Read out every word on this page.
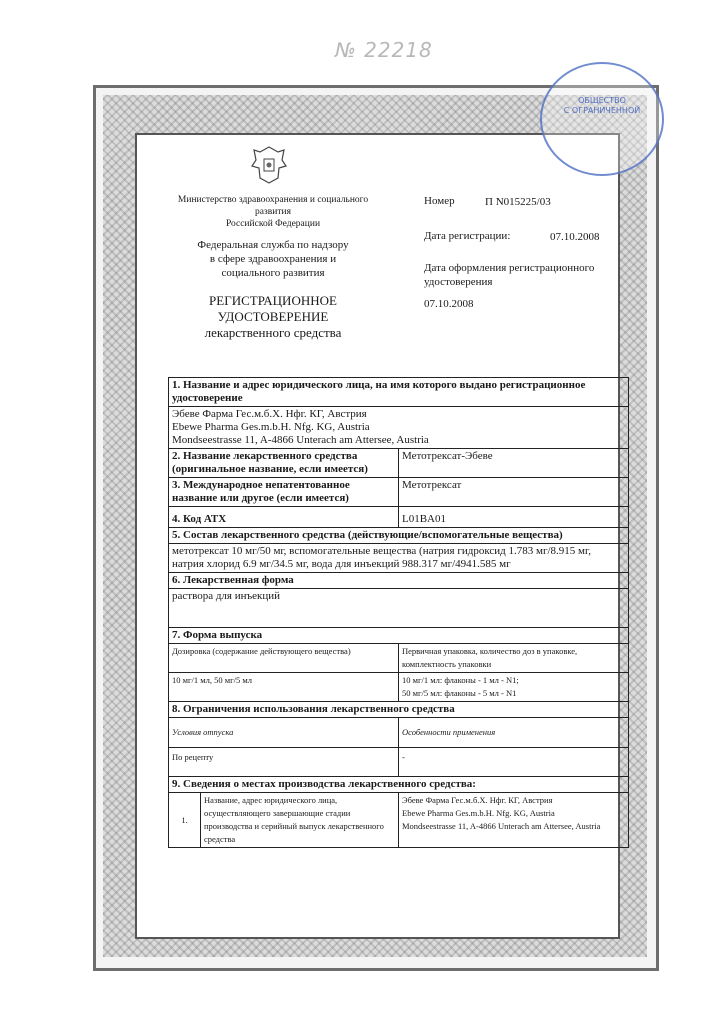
№ 22218
ОБЩЕСТВО
С ОГРАНИЧЕННОЙ
Министерство здравоохранения и социального
развития
Российской Федерации
Федеральная служба по надзору
в сфере здравоохранения и
социального развития
РЕГИСТРАЦИОННОЕ
УДОСТОВЕРЕНИЕ
лекарственного средства
Номер	П N015225/03
Дата регистрации:	07.10.2008
Дата оформления регистрационного
удостоверения
07.10.2008
1. Название и адрес юридического лица, на имя которого выдано регистрационное удостоверение		

Эбеве Фарма Гес.м.б.Х. Нфг. КГ, Австрия
Ebewe Pharma Ges.m.b.H. Nfg. KG, Austria
Mondseestrasse 11, A-4866 Unterach am Attersee, Austria		

2. Название лекарственного средства (оригинальное название, если имеется)		Метотрексат-Эбеве
3. Международное непатентованное название или другое (если имеется)		Метотрексат
4. Код АТХ		L01BA01
5. Состав лекарственного средства (действующие/вспомогательные вещества)		
метотрексат 10 мг/50 мг, вспомогательные вещества (натрия гидроксид 1.783 мг/8.915 мг, натрия хлорид 6.9 мг/34.5 мг, вода для инъекций 988.317 мг/4941.585 мг		
6. Лекарственная форма		
раствора для инъекций		
7. Форма выпуска		
Дозировка (содержание действующего вещества)		Первичная упаковка, количество доз в упаковке, комплектность упаковки
10 мг/1 мл, 50 мг/5 мл		10 мг/1 мл: флаконы - 1 мл - N1;
50 мг/5 мл: флаконы - 5 мл - N1

8. Ограничения использования лекарственного средства		
Условия отпуска		Особенности применения
По рецепту		-
9. Сведения о местах производства лекарственного средства:		
1.	Название, адрес юридического лица, осуществляющего завершающие стадии производства и серийный выпуск лекарственного средства	Эбеве Фарма Гес.м.б.Х. Нфг. КГ, Австрия
Ebewe Pharma Ges.m.b.H. Nfg. KG, Austria
Mondseestrasse 11, A-4866 Unterach am Attersee, Austria
